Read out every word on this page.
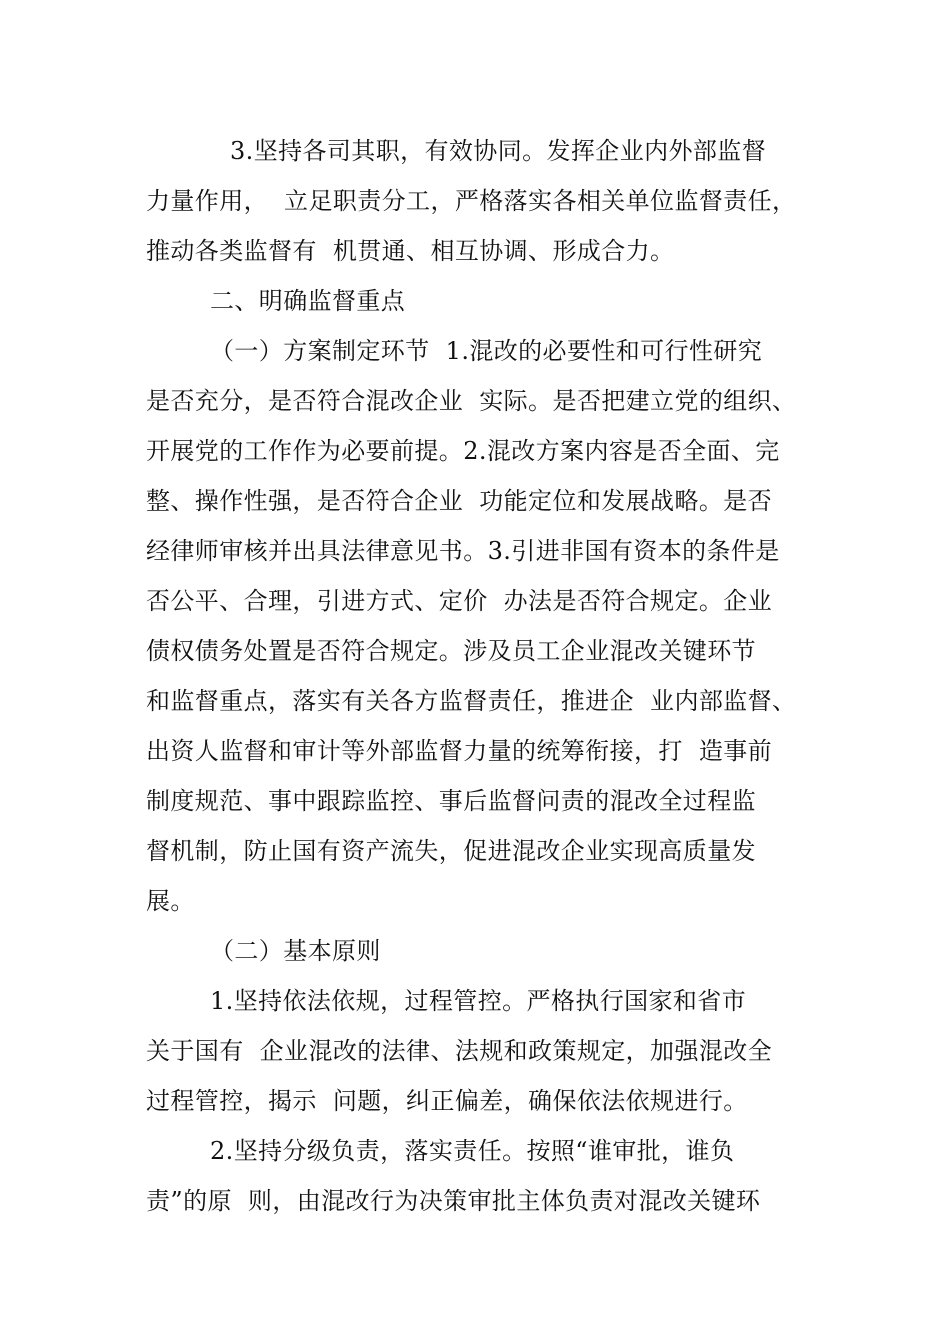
3.坚持各司其职，有效协同。发挥企业内外部监督
力量作用，  立足职责分工，严格落实各相关单位监督责任，
推动各类监督有  机贯通、相互协调、形成合力。
二、明确监督重点
（一）方案制定环节  1.混改的必要性和可行性研究
是否充分，是否符合混改企业  实际。是否把建立党的组织、
开展党的工作作为必要前提。2.混改方案内容是否全面、完
整、操作性强，是否符合企业  功能定位和发展战略。是否
经律师审核并出具法律意见书。3.引进非国有资本的条件是
否公平、合理，引进方式、定价  办法是否符合规定。企业
债权债务处置是否符合规定。涉及员工企业混改关键环节
和监督重点，落实有关各方监督责任，推进企  业内部监督、
出资人监督和审计等外部监督力量的统筹衔接，打  造事前
制度规范、事中跟踪监控、事后监督问责的混改全过程监
督机制，防止国有资产流失，促进混改企业实现高质量发
展。
（二）基本原则
1.坚持依法依规，过程管控。严格执行国家和省市
关于国有  企业混改的法律、法规和政策规定，加强混改全
过程管控，揭示  问题，纠正偏差，确保依法依规进行。
2.坚持分级负责，落实责任。按照“谁审批，谁负
责”的原  则，由混改行为决策审批主体负责对混改关键环
